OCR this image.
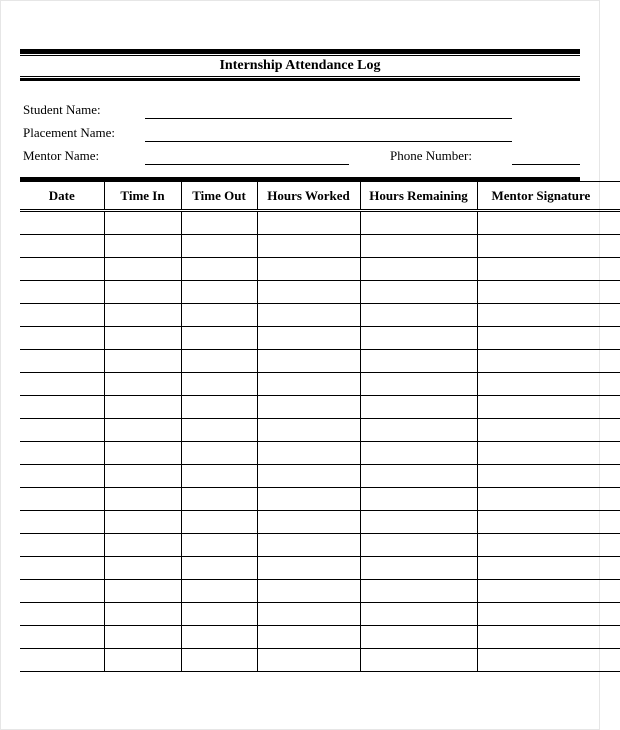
Internship Attendance Log
Student Name:
Placement Name:
Mentor Name:	Phone Number:
Date	Time In	Time Out	Hours Worked	Hours Remaining	Mentor Signature
